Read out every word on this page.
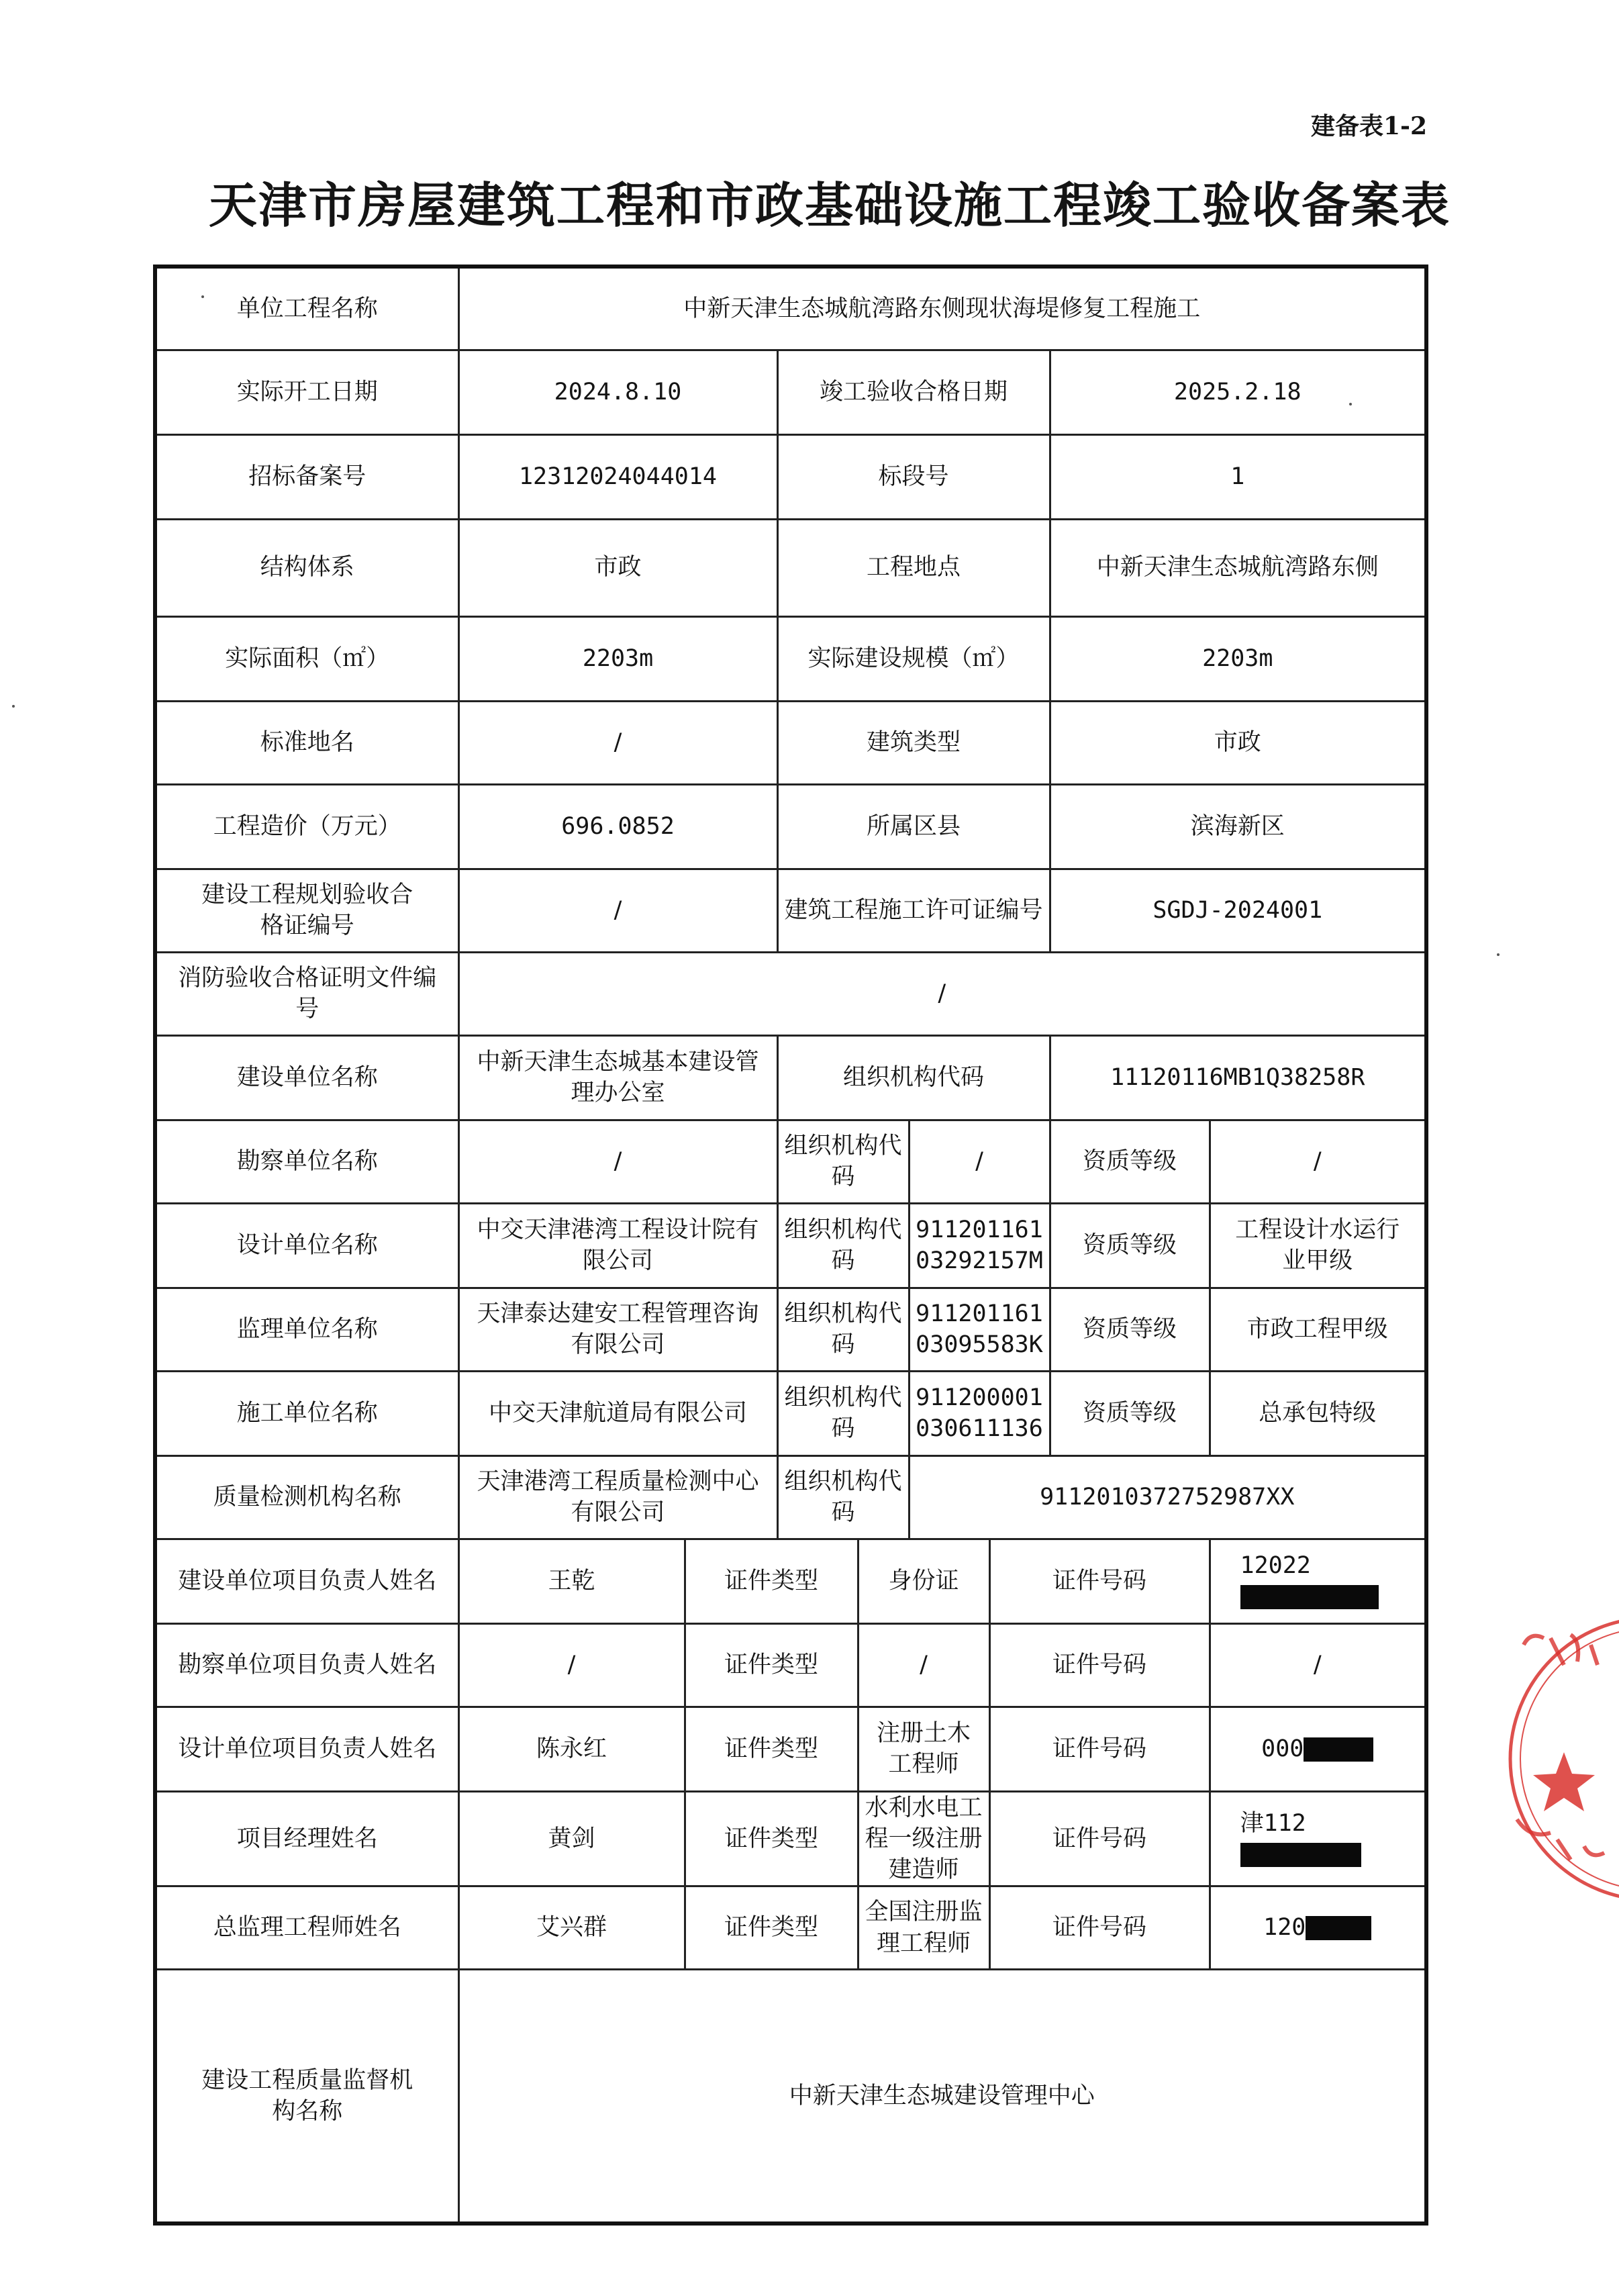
建备表1-2
天津市房屋建筑工程和市政基础设施工程竣工验收备案表
单位工程名称	中新天津生态城航湾路东侧现状海堤修复工程施工							
实际开工日期	2024.8.10		竣工验收合格日期				2025.2.18	
招标备案号	12312024044014		标段号				1	
结构体系	市政		工程地点				中新天津生态城航湾路东侧	
实际面积（㎡）	2203m		实际建设规模（㎡）				2203m	
标准地名	/		建筑类型				市政	
工程造价（万元）	696.0852		所属区县				滨海新区	
建设工程规划验收合格证编号	/		建筑工程施工许可证编号				SGDJ-2024001	
消防验收合格证明文件编号	/							
建设单位名称	中新天津生态城基本建设管理办公室		组织机构代码				11120116MB1Q38258R	
勘察单位名称	/		组织机构代码		/		资质等级	/
设计单位名称	中交天津港湾工程设计院有限公司		组织机构代码		911201161 03292157M		资质等级	工程设计水运行业甲级
监理单位名称	天津泰达建安工程管理咨询有限公司		组织机构代码		911201161 03095583K		资质等级	市政工程甲级
施工单位名称	中交天津航道局有限公司		组织机构代码		911200001 030611136		资质等级	总承包特级
质量检测机构名称	天津港湾工程质量检测中心有限公司		组织机构代码		9112010372752987XX			
建设单位项目负责人姓名	王乾	证件类型		身份证		证件号码		12022
勘察单位项目负责人姓名	/	证件类型		/		证件号码		/
设计单位项目负责人姓名	陈永红	证件类型		注册土木工程师		证件号码		000
项目经理姓名	黄剑	证件类型		水利水电工程一级注册建造师		证件号码		津112
总监理工程师姓名	艾兴群	证件类型		全国注册监理工程师		证件号码		120
建设工程质量监督机构名称	中新天津生态城建设管理中心							
